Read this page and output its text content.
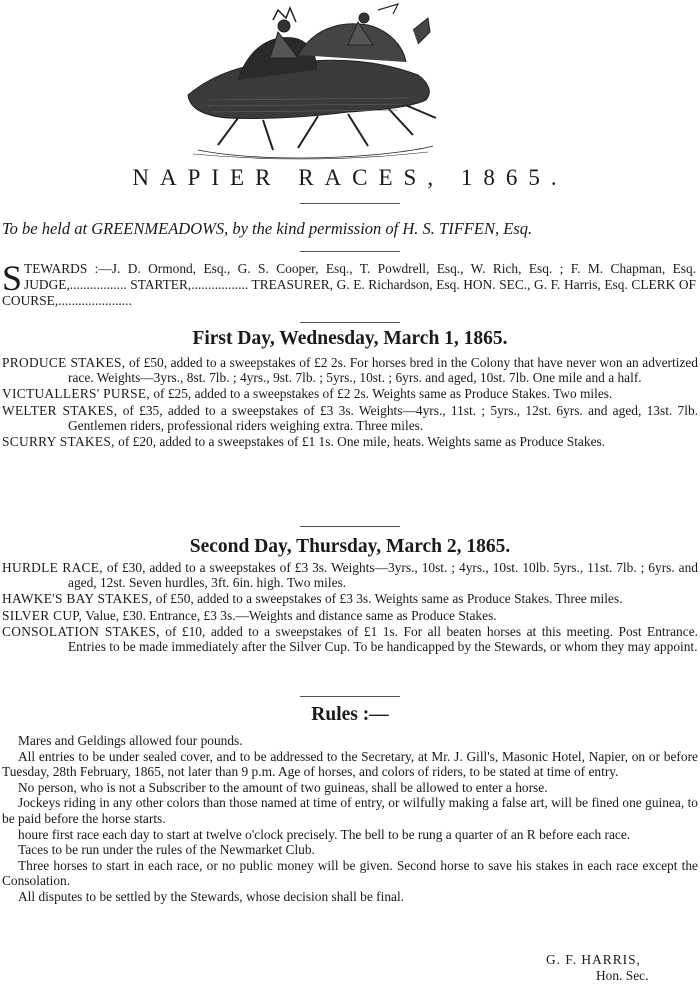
NAPIER RACES, 1865.
To be held at GREENMEADOWS, by the kind permission of H. S. TIFFEN, Esq.
STEWARDS :—J. D. Ormond, Esq., G. S. Cooper, Esq., T. Powdrell, Esq., W. Rich, Esq. ; F. M. Chapman, Esq. JUDGE,................. STARTER,................. TREASURER, G. E. Richardson, Esq. HON. SEC., G. F. Harris, Esq. CLERK OF COURSE,......................
First Day, Wednesday, March 1, 1865.

PRODUCE STAKES, of £50, added to a sweepstakes of £2 2s. For horses bred in the Colony that have never won an advertized race. Weights—3yrs., 8st. 7lb. ; 4yrs., 9st. 7lb. ; 5yrs., 10st. ; 6yrs. and aged, 10st. 7lb. One mile and a half.

VICTUALLERS' PURSE, of £25, added to a sweepstakes of £2 2s. Weights same as Produce Stakes. Two miles.

WELTER STAKES, of £35, added to a sweepstakes of £3 3s. Weights—4yrs., 11st. ; 5yrs., 12st. 6yrs. and aged, 13st. 7lb. Gentlemen riders, professional riders weighing extra. Three miles.

SCURRY STAKES, of £20, added to a sweepstakes of £1 1s. One mile, heats. Weights same as Produce Stakes.

Second Day, Thursday, March 2, 1865.

HURDLE RACE, of £30, added to a sweepstakes of £3 3s. Weights—3yrs., 10st. ; 4yrs., 10st. 10lb. 5yrs., 11st. 7lb. ; 6yrs. and aged, 12st. Seven hurdles, 3ft. 6in. high. Two miles.

HAWKE'S BAY STAKES, of £50, added to a sweepstakes of £3 3s. Weights same as Produce Stakes. Three miles.

SILVER CUP, Value, £30. Entrance, £3 3s.—Weights and distance same as Produce Stakes.

CONSOLATION STAKES, of £10, added to a sweepstakes of £1 1s. For all beaten horses at this meeting. Post Entrance. Entries to be made immediately after the Silver Cup. To be handicapped by the Stewards, or whom they may appoint.

Rules :—

Mares and Geldings allowed four pounds.

All entries to be under sealed cover, and to be addressed to the Secretary, at Mr. J. Gill's, Masonic Hotel, Napier, on or before Tuesday, 28th February, 1865, not later than 9 p.m. Age of horses, and colors of riders, to be stated at time of entry.

No person, who is not a Subscriber to the amount of two guineas, shall be allowed to enter a horse.

Jockeys riding in any other colors than those named at time of entry, or wilfully making a false art, will be fined one guinea, to be paid before the horse starts.

houre first race each day to start at twelve o'clock precisely. The bell to be rung a quarter of an R before each race.

Taces to be run under the rules of the Newmarket Club.

Three horses to start in each race, or no public money will be given. Second horse to save his stakes in each race except the Consolation.

All disputes to be settled by the Stewards, whose decision shall be final.

G. F. HARRIS,
Hon. Sec.
